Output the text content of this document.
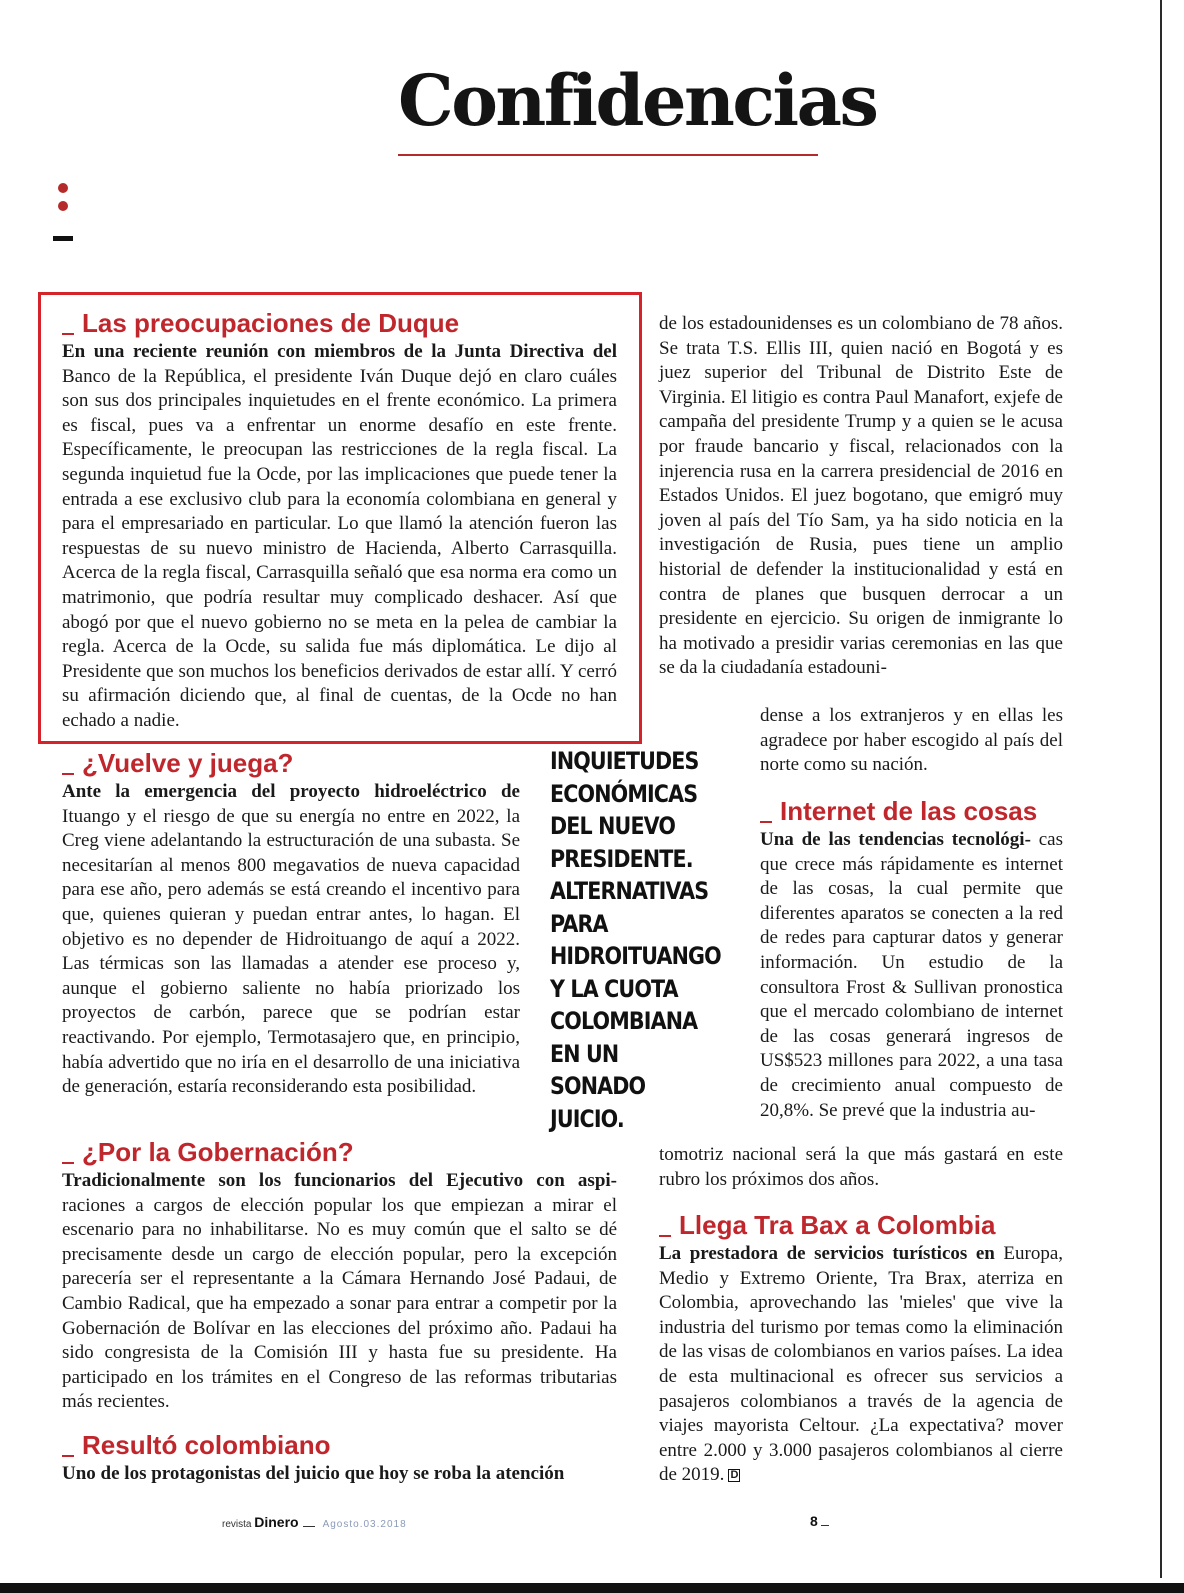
Confidencias
Las preocupaciones de Duque

En una reciente reunión con miembros de la Junta Directiva del Banco de la República, el presidente Iván Duque dejó en claro cuáles son sus dos principales inquietudes en el frente económico. La primera es fiscal, pues va a enfrentar un enorme desafío en este frente. Específicamente, le preocupan las restricciones de la regla fiscal. La segunda inquietud fue la Ocde, por las implicaciones que puede tener la entrada a ese exclusivo club para la economía colombiana en general y para el empresariado en particular. Lo que llamó la atención fueron las respuestas de su nuevo ministro de Hacienda, Alberto Carrasquilla. Acerca de la regla fiscal, Carrasquilla señaló que esa norma era como un matrimonio, que podría resultar muy complicado deshacer. Así que abogó por que el nuevo gobierno no se meta en la pelea de cambiar la regla. Acerca de la Ocde, su salida fue más diplomática. Le dijo al Presidente que son muchos los beneficios derivados de estar allí. Y cerró su afirmación diciendo que, al final de cuentas, de la Ocde no han echado a nadie.

¿Vuelve y juega?

Ante la emergencia del proyecto hidroeléctrico de Ituango y el riesgo de que su energía no entre en 2022, la Creg viene adelantando la estructuración de una subasta. Se necesitarían al menos 800 megavatios de nueva capacidad para ese año, pero además se está creando el incentivo para que, quienes quieran y puedan entrar antes, lo hagan. El objetivo es no depender de Hidroituango de aquí a 2022. Las térmicas son las llamadas a atender ese proceso y, aunque el gobierno saliente no había priorizado los proyectos de carbón, parece que se podrían estar reactivando. Por ejemplo, Termotasajero que, en principio, había advertido que no iría en el desarrollo de una iniciativa de generación, estaría reconsiderando esta posibilidad.

INQUIETUDES
ECONÓMICAS
DEL NUEVO
PRESIDENTE.
ALTERNATIVAS
PARA
HIDROITUANGO
Y LA CUOTA
COLOMBIANA
EN UN SONADO
JUICIO.
¿Por la Gobernación?

Tradicionalmente son los funcionarios del Ejecutivo con aspi- raciones a cargos de elección popular los que empiezan a mirar el escenario para no inhabilitarse. No es muy común que el salto se dé precisamente desde un cargo de elección popular, pero la excepción parecería ser el representante a la Cámara Hernando José Padaui, de Cambio Radical, que ha empezado a sonar para entrar a competir por la Gobernación de Bolívar en las elecciones del próximo año. Padaui ha sido congresista de la Comisión III y hasta fue su presidente. Ha participado en los trámites en el Congreso de las reformas tributarias más recientes.

Resultó colombiano

Uno de los protagonistas del juicio que hoy se roba la atención

de los estadounidenses es un colombiano de 78 años. Se trata T.S. Ellis III, quien nació en Bogotá y es juez superior del Tribunal de Distrito Este de Virginia. El litigio es contra Paul Manafort, exjefe de campaña del presidente Trump y a quien se le acusa por fraude bancario y fiscal, relacionados con la injerencia rusa en la carrera presidencial de 2016 en Estados Unidos. El juez bogotano, que emigró muy joven al país del Tío Sam, ya ha sido noticia en la investigación de Rusia, pues tiene un amplio historial de defender la institucionalidad y está en contra de planes que busquen derrocar a un presidente en ejercicio. Su origen de inmigrante lo ha motivado a presidir varias ceremonias en las que se da la ciudadanía estadouni-

dense a los extranjeros y en ellas les agradece por haber escogido al país del norte como su nación.

Internet de las cosas

Una de las tendencias tecnológi- cas que crece más rápidamente es internet de las cosas, la cual permite que diferentes aparatos se conecten a la red de redes para capturar datos y generar información. Un estudio de la consultora Frost & Sullivan pronostica que el mercado colombiano de internet de las cosas generará ingresos de US$523 millones para 2022, a una tasa de crecimiento anual compuesto de 20,8%. Se prevé que la industria au-

tomotriz nacional será la que más gastará en este rubro los próximos dos años.

Llega Tra Bax a Colombia

La prestadora de servicios turísticos en Europa, Medio y Extremo Oriente, Tra Brax, aterriza en Colombia, aprovechando las 'mieles' que vive la industria del turismo por temas como la eliminación de las visas de colombianos en varios países. La idea de esta multinacional es ofrecer sus servicios a pasajeros colombianos a través de la agencia de viajes mayorista Celtour. ¿La expectativa? mover entre 2.000 y 3.000 pasajeros colombianos al cierre de 2019. D

revista Dinero Agosto.03.2018	8
